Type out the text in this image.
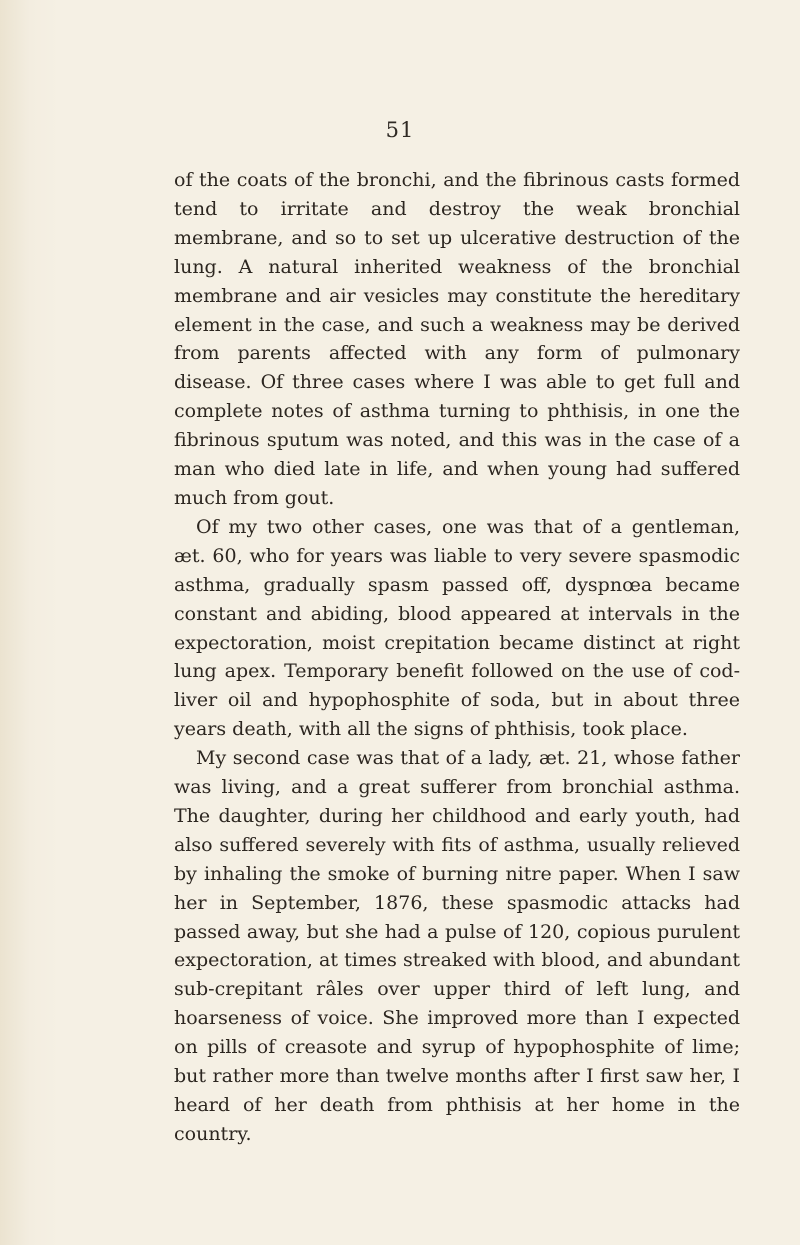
51

of the coats of the bronchi, and the fibrinous casts formed tend to irritate and destroy the weak bronchial membrane, and so to set up ulcerative destruction of the lung. A natural inherited weakness of the bronchial membrane and air vesicles may constitute the hereditary element in the case, and such a weakness may be derived from parents affected with any form of pulmonary disease. Of three cases where I was able to get full and complete notes of asthma turning to phthisis, in one the fibrinous sputum was noted, and this was in the case of a man who died late in life, and when young had suffered much from gout.

Of my two other cases, one was that of a gentleman, æt. 60, who for years was liable to very severe spasmodic asthma, gradually spasm passed off, dyspnœa became constant and abiding, blood appeared at intervals in the expectoration, moist crepitation became distinct at right lung apex. Temporary benefit followed on the use of cod-liver oil and hypophosphite of soda, but in about three years death, with all the signs of phthisis, took place.

My second case was that of a lady, æt. 21, whose father was living, and a great sufferer from bronchial asthma. The daughter, during her childhood and early youth, had also suffered severely with fits of asthma, usually relieved by inhaling the smoke of burning nitre paper. When I saw her in September, 1876, these spasmodic attacks had passed away, but she had a pulse of 120, copious purulent expectoration, at times streaked with blood, and abundant sub-crepitant râles over upper third of left lung, and hoarseness of voice. She improved more than I expected on pills of creasote and syrup of hypophosphite of lime; but rather more than twelve months after I first saw her, I heard of her death from phthisis at her home in the country.
